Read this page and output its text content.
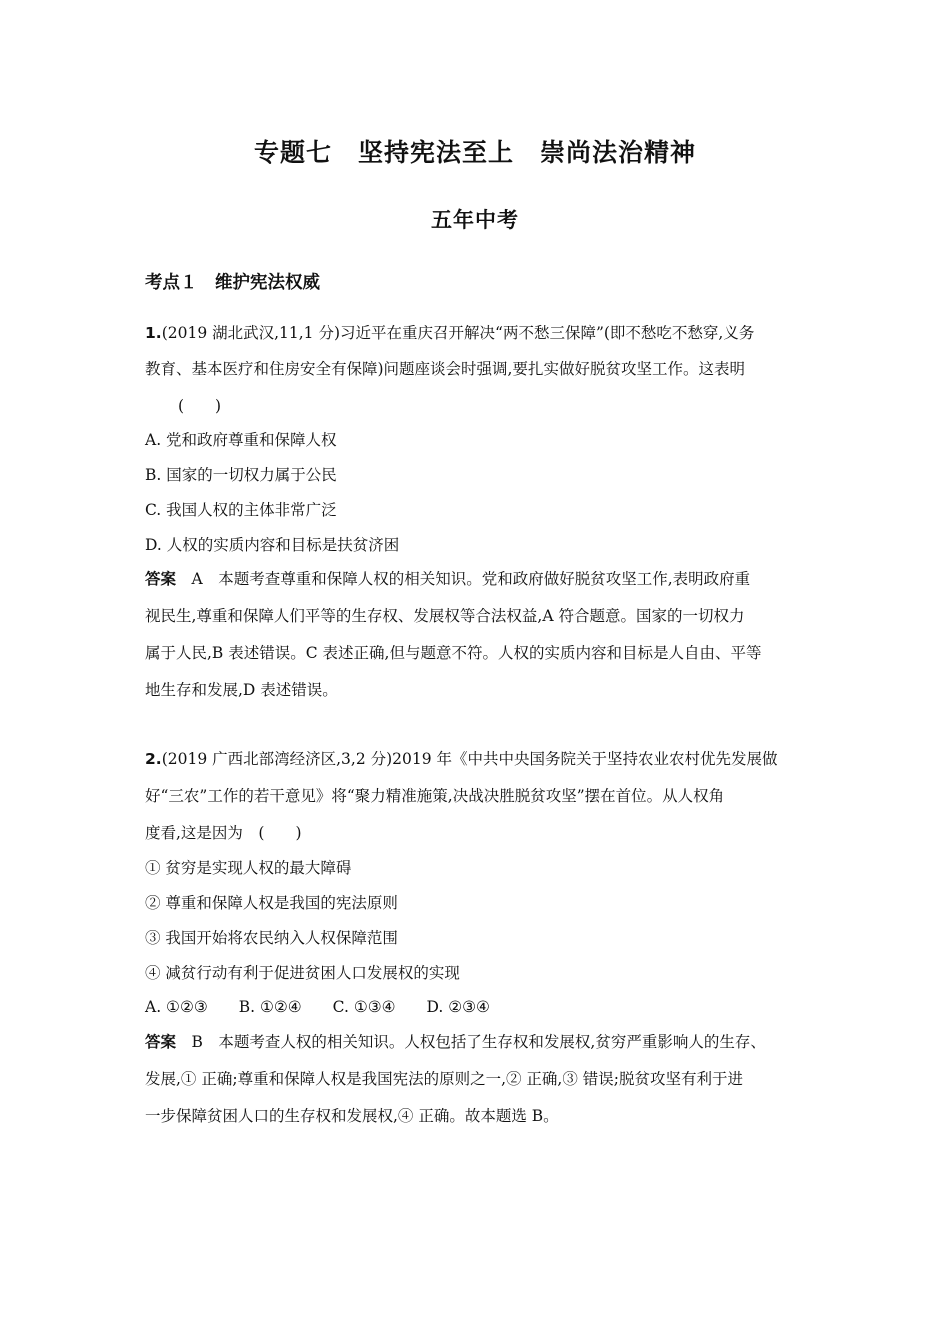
专题七　坚持宪法至上　崇尚法治精神
五年中考
考点１　维护宪法权威
1.(2019 湖北武汉,11,1 分)习近平在重庆召开解决“两不愁三保障”(即不愁吃不愁穿,义务
教育、基本医疗和住房安全有保障)问题座谈会时强调,要扎实做好脱贫攻坚工作。这表明
(　　)
A. 党和政府尊重和保障人权
B. 国家的一切权力属于公民
C. 我国人权的主体非常广泛
D. 人权的实质内容和目标是扶贫济困
答案　A　本题考查尊重和保障人权的相关知识。党和政府做好脱贫攻坚工作,表明政府重
视民生,尊重和保障人们平等的生存权、发展权等合法权益,A 符合题意。国家的一切权力
属于人民,B 表述错误。C 表述正确,但与题意不符。人权的实质内容和目标是人自由、平等
地生存和发展,D 表述错误。
2.(2019 广西北部湾经济区,3,2 分)2019 年《中共中央国务院关于坚持农业农村优先发展做
好“三农”工作的若干意见》将“聚力精准施策,决战决胜脱贫攻坚”摆在首位。从人权角
度看,这是因为　(　　)
① 贫穷是实现人权的最大障碍
② 尊重和保障人权是我国的宪法原则
③ 我国开始将农民纳入人权保障范围
④ 减贫行动有利于促进贫困人口发展权的实现
A. ①②③　　B. ①②④　　C. ①③④　　D. ②③④
答案　B　本题考查人权的相关知识。人权包括了生存权和发展权,贫穷严重影响人的生存、
发展,① 正确;尊重和保障人权是我国宪法的原则之一,② 正确,③ 错误;脱贫攻坚有利于进
一步保障贫困人口的生存权和发展权,④ 正确。故本题选 B。
